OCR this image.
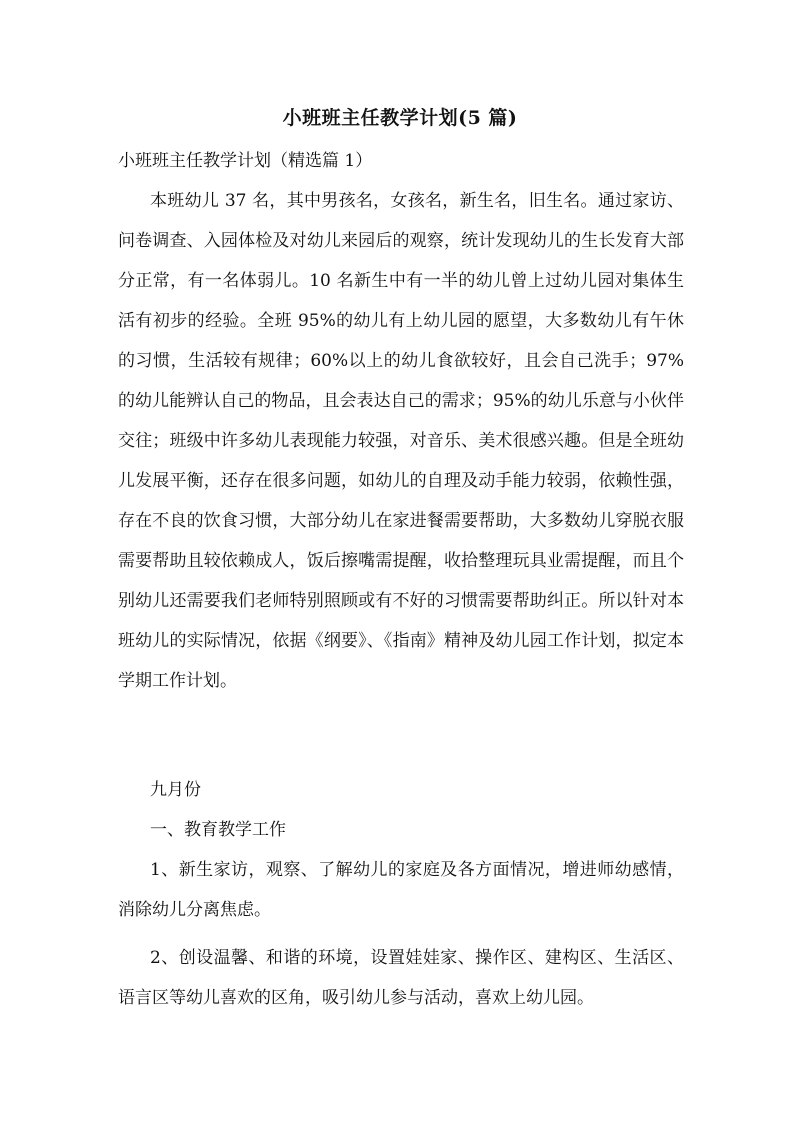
小班班主任教学计划(5 篇)
小班班主任教学计划（精选篇 1）
本班幼儿 37 名，其中男孩名，女孩名，新生名，旧生名。通过家访、问卷调查、入园体检及对幼儿来园后的观察，统计发现幼儿的生长发育大部分正常，有一名体弱儿。10 名新生中有一半的幼儿曾上过幼儿园对集体生活有初步的经验。全班 95%的幼儿有上幼儿园的愿望，大多数幼儿有午休的习惯，生活较有规律；60%以上的幼儿食欲较好，且会自己洗手；97%的幼儿能辨认自己的物品，且会表达自己的需求；95%的幼儿乐意与小伙伴交往；班级中许多幼儿表现能力较强，对音乐、美术很感兴趣。但是全班幼儿发展平衡，还存在很多问题，如幼儿的自理及动手能力较弱，依赖性强，存在不良的饮食习惯，大部分幼儿在家进餐需要帮助，大多数幼儿穿脱衣服需要帮助且较依赖成人，饭后擦嘴需提醒，收拾整理玩具业需提醒，而且个别幼儿还需要我们老师特别照顾或有不好的习惯需要帮助纠正。所以针对本班幼儿的实际情况，依据《纲要》、《指南》精神及幼儿园工作计划，拟定本学期工作计划。
九月份
一、教育教学工作
1、新生家访，观察、了解幼儿的家庭及各方面情况，增进师幼感情，消除幼儿分离焦虑。
2、创设温馨、和谐的环境，设置娃娃家、操作区、建构区、生活区、语言区等幼儿喜欢的区角，吸引幼儿参与活动，喜欢上幼儿园。
